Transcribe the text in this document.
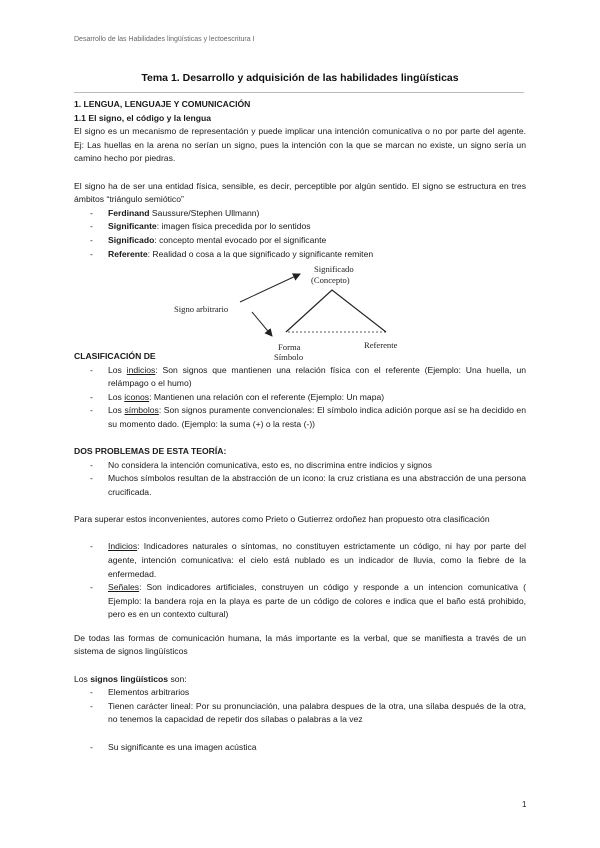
Desarrollo de las Habilidades lingüísticas y lectoescritura I
Tema 1. Desarrollo y adquisición de las habilidades lingüísticas
1. LENGUA, LENGUAJE Y COMUNICACIÓN
1.1 El signo, el código y la lengua
El signo es un mecanismo de representación y puede implicar una intención comunicativa o no por parte del agente. Ej: Las huellas en la arena no serían un signo, pues la intención con la que se marcan no existe, un signo sería un camino hecho por piedras.
El signo ha de ser una entidad física, sensible, es decir, perceptible por algún sentido. El signo se estructura en tres ámbitos “triángulo semiótico”
- Ferdinand Saussure/Stephen Ullmann)
- Significante: imagen física precedida por lo sentidos
- Significado: concepto mental evocado por el significante
- Referente: Realidad o cosa a la que significado y significante remiten
Significado
(Concepto)
Signo arbitrario
Forma
Símbolo
Referente
CLASIFICACIÓN DE
- Los indicios: Son signos que mantienen una relación física con el referente (Ejemplo: Una huella, un relámpago o el humo)
- Los iconos: Mantienen una relación con el referente (Ejemplo: Un mapa)
- Los símbolos: Son signos puramente convencionales: El símbolo indica adición porque así se ha decidido en su momento dado. (Ejemplo: la suma (+) o la resta (-))
DOS PROBLEMAS DE ESTA TEORÍA:
- No considera la intención comunicativa, esto es, no discrimina entre indicios y signos
- Muchos símbolos resultan de la abstracción de un icono: la cruz cristiana es una abstracción de una persona crucificada.
Para superar estos inconvenientes, autores como Prieto o Gutierrez ordoñez han propuesto otra clasificación
- Indicios: Indicadores naturales o síntomas, no constituyen estrictamente un código, ni hay por parte del agente, intención comunicativa: el cielo está nublado es un indicador de lluvia, como la fiebre de la enfermedad.
- Señales: Son indicadores artificiales, construyen un código y responde a un intencion comunicativa ( Ejemplo: la bandera roja en la playa es parte de un código de colores e indica que el baño está prohibido, pero es en un contexto cultural)
De todas las formas de comunicación humana, la más importante es la verbal, que se manifiesta a través de un sistema de signos lingüísticos
Los signos lingüísticos son:
- Elementos arbitrarios
- Tienen carácter lineal: Por su pronunciación, una palabra despues de la otra, una sílaba después de la otra, no tenemos la capacidad de repetir dos sílabas o palabras a la vez
- Su significante es una imagen acústica
1
